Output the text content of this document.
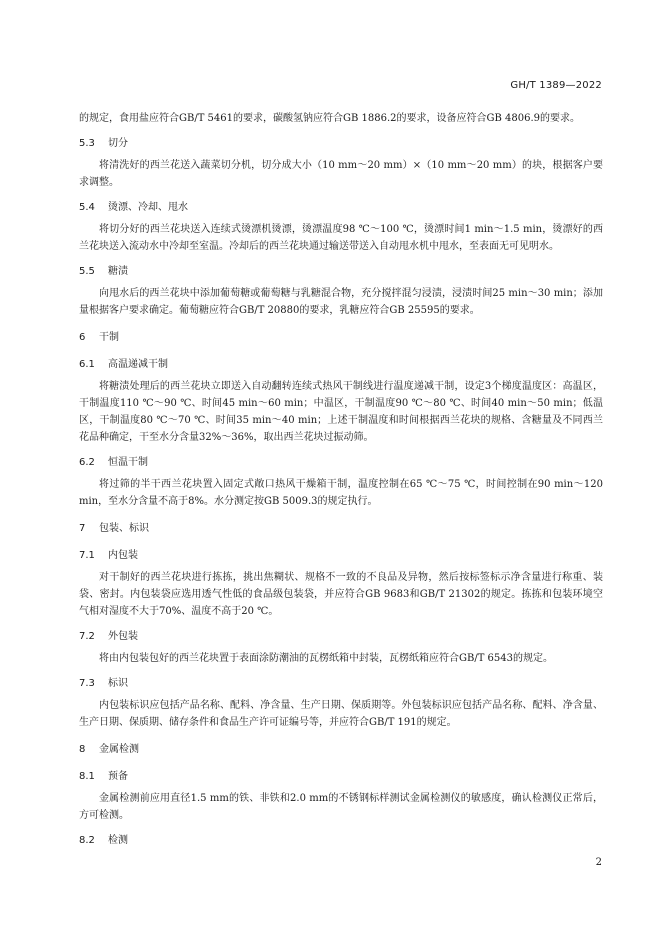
GH/T 1389—2022

的规定，食用盐应符合GB/T 5461的要求，碳酸氢钠应符合GB 1886.2的要求，设备应符合GB 4806.9的要求。

5.3 切分

将清洗好的西兰花送入蔬菜切分机，切分成大小（10 mm～20 mm）×（10 mm～20 mm）的块，根据客户要求调整。

5.4 烫漂、冷却、甩水

将切分好的西兰花块送入连续式烫漂机烫漂，烫漂温度98 ℃～100 ℃，烫漂时间1 min～1.5 min，烫漂好的西兰花块送入流动水中冷却至室温。冷却后的西兰花块通过输送带送入自动甩水机中甩水，至表面无可见明水。

5.5 糖渍

向甩水后的西兰花块中添加葡萄糖或葡萄糖与乳糖混合物，充分搅拌混匀浸渍，浸渍时间25 min～30 min；添加量根据客户要求确定。葡萄糖应符合GB/T 20880的要求，乳糖应符合GB 25595的要求。

6 干制
6.1 高温递减干制

将糖渍处理后的西兰花块立即送入自动翻转连续式热风干制线进行温度递减干制，设定3个梯度温度区：高温区，干制温度110 ℃～90 ℃、时间45 min～60 min；中温区，干制温度90 ℃～80 ℃、时间40 min～50 min；低温区，干制温度80 ℃～70 ℃、时间35 min～40 min；上述干制温度和时间根据西兰花块的规格、含糖量及不同西兰花品种确定，干至水分含量32%～36%，取出西兰花块过振动筛。

6.2 恒温干制

将过筛的半干西兰花块置入固定式敞口热风干燥箱干制，温度控制在65 ℃～75 ℃，时间控制在90 min～120 min，至水分含量不高于8%。水分测定按GB 5009.3的规定执行。

7 包装、标识
7.1 内包装

对干制好的西兰花块进行拣拣，挑出焦糊状、规格不一致的不良品及异物，然后按标签标示净含量进行称重、装袋、密封。内包装袋应选用透气性低的食品级包装袋，并应符合GB 9683和GB/T 21302的规定。拣拣和包装环境空气相对湿度不大于70%、温度不高于20 ℃。

7.2 外包装

将由内包装包好的西兰花块置于表面涂防潮油的瓦楞纸箱中封装，瓦楞纸箱应符合GB/T 6543的规定。

7.3 标识

内包装标识应包括产品名称、配料、净含量、生产日期、保质期等。外包装标识应包括产品名称、配料、净含量、生产日期、保质期、储存条件和食品生产许可证编号等，并应符合GB/T 191的规定。

8 金属检测
8.1 预备

金属检测前应用直径1.5 mm的铁、非铁和2.0 mm的不锈钢标样测试金属检测仪的敏感度，确认检测仪正常后，方可检测。

8.2 检测
2
